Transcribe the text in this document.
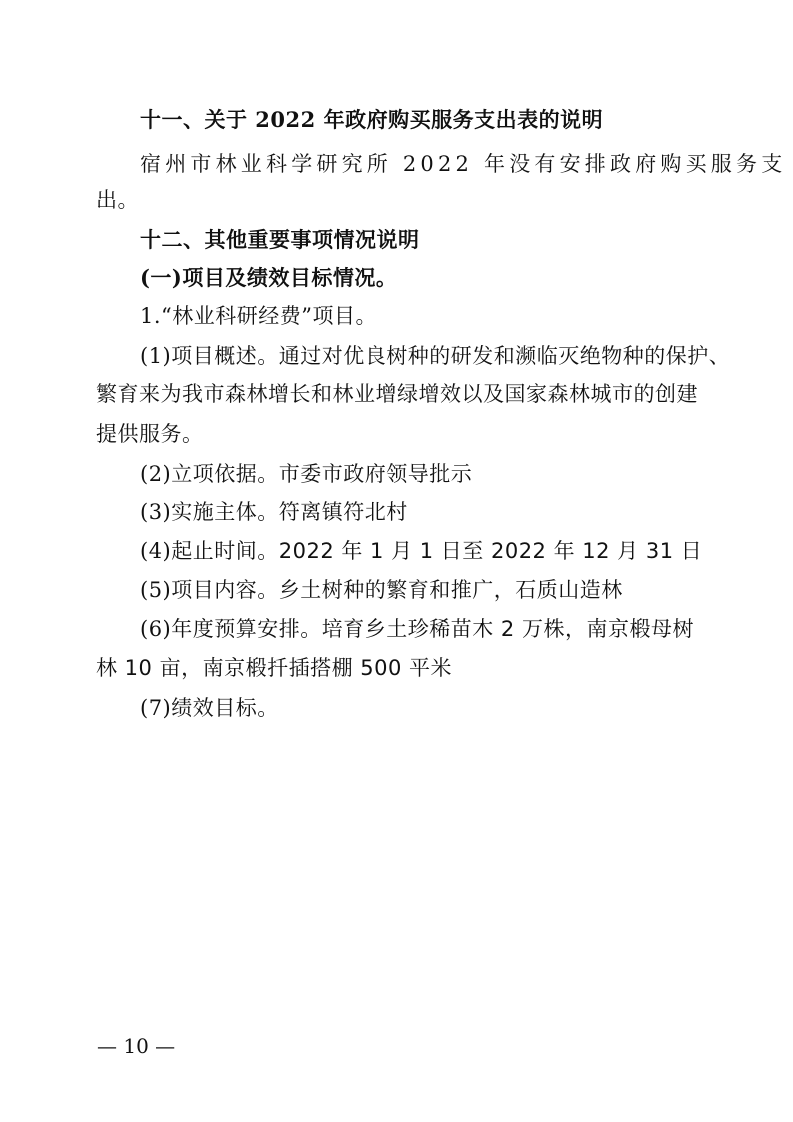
十一、关于 2022 年政府购买服务支出表的说明
宿州市林业科学研究所 2022 年没有安排政府购买服务支
出。
十二、其他重要事项情况说明
(一)项目及绩效目标情况。
1.“林业科研经费”项目。
(1)项目概述。通过对优良树种的研发和濒临灭绝物种的保护、
繁育来为我市森林增长和林业增绿增效以及国家森林城市的创建
提供服务。
(2)立项依据。市委市政府领导批示
(3)实施主体。符离镇符北村
(4)起止时间。2022 年 1 月 1 日至 2022 年 12 月 31 日
(5)项目内容。乡土树种的繁育和推广，石质山造林
(6)年度预算安排。培育乡土珍稀苗木 2 万株，南京椴母树
林 10 亩，南京椴扦插搭棚 500 平米
(7)绩效目标。
— 10 —
